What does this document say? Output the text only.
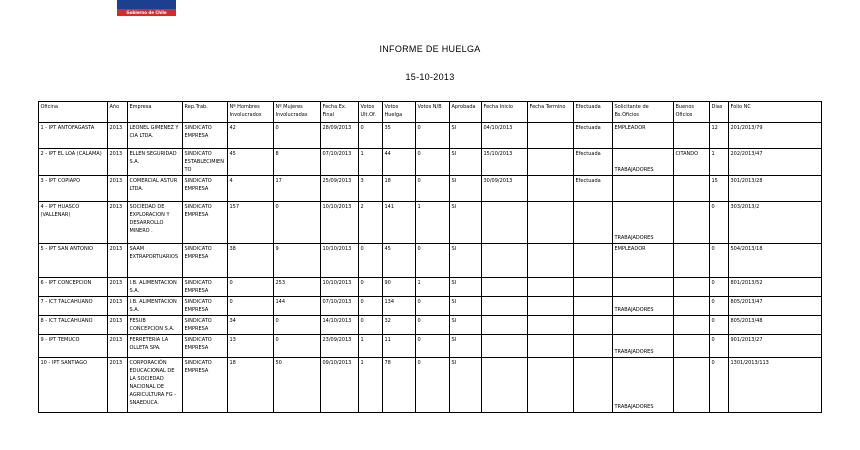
Gobierno de Chile
INFORME DE HUELGA
15-10-2013
Oficina	Año	Empresa	Rep.Trab.	Nº Hombres Involucrados	Nº Mujeres Involucradas	Fecha Ex. Final	Votos Ult.Of.	Votos Huelga	Votos N/B	Aprobada	Fecha Inicio	Fecha Termino	Efectuada	Solicitante de Bs.Oficios	Buenos Oficios	Días	Folio NC
1 - IPT ANTOFAGASTA	2013	LEONEL GIMENEZ Y CIA LTDA.	SINDICATO EMPRESA	42	0	28/09/2013	0	35	0	SI	04/10/2013		Efectuada	EMPLEADOR		12	201/2013/79
2 - IPT EL LOA (CALAMA)	2013	ELLEN SEGURIDAD S.A.	SINDICATO ESTABLECIMIENTO	45	8	07/10/2013	1	44	0	SI	15/10/2013		Efectuada	TRABAJADORES	CITANDO	1	202/2013/47
3 - IPT COPIAPO	2013	COMERCIAL ASTUR LTDA.	SINDICATO EMPRESA	4	17	25/09/2013	3	18	0	SI	30/09/2013		Efectuada			15	301/2013/28
4 - IPT HUASCO (VALLENAR)	2013	SOCIEDAD DE EXPLORACION Y DESARROLLO MINERO .	SINDICATO EMPRESA	157	0	10/10/2013	2	141	1	SI				TRABAJADORES		0	303/2013/2
5 - IPT SAN ANTONIO	2013	SAAM EXTRAPORTUARIOS	SINDICATO EMPRESA	38	9	10/10/2013	0	45	0	SI				EMPLEADOR		0	504/2013/18
6 - IPT CONCEPCION	2013	I.B. ALIMENTACION S.A.	SINDICATO EMPRESA	0	253	10/10/2013	0	90	1	SI						0	801/2013/52
7 - ICT TALCAHUANO	2013	I.B. ALIMENTACION S.A.	SINDICATO EMPRESA	0	144	07/10/2013	0	134	0	SI				TRABAJADORES		0	805/2013/47
8 - ICT TALCAHUANO	2013	FESUB CONCEPCION S.A.	SINDICATO EMPRESA	34	0	14/10/2013	0	32	0	SI						0	805/2013/48
9 - IPT TEMUCO	2013	FERRETERIA LA OLLETA SPA.	SINDICATO EMPRESA	13	0	23/09/2013	1	11	0	SI				TRABAJADORES		0	901/2013/27
10 - IPT SANTIAGO	2013	CORPORACIÓN EDUCACIONAL DE LA SOCIEDAD NACIONAL DE AGRICULTURA FG - SNAEDUCA.	SINDICATO EMPRESA	18	50	09/10/2013	1	78	0	SI				TRABAJADORES		0	1301/2013/113
